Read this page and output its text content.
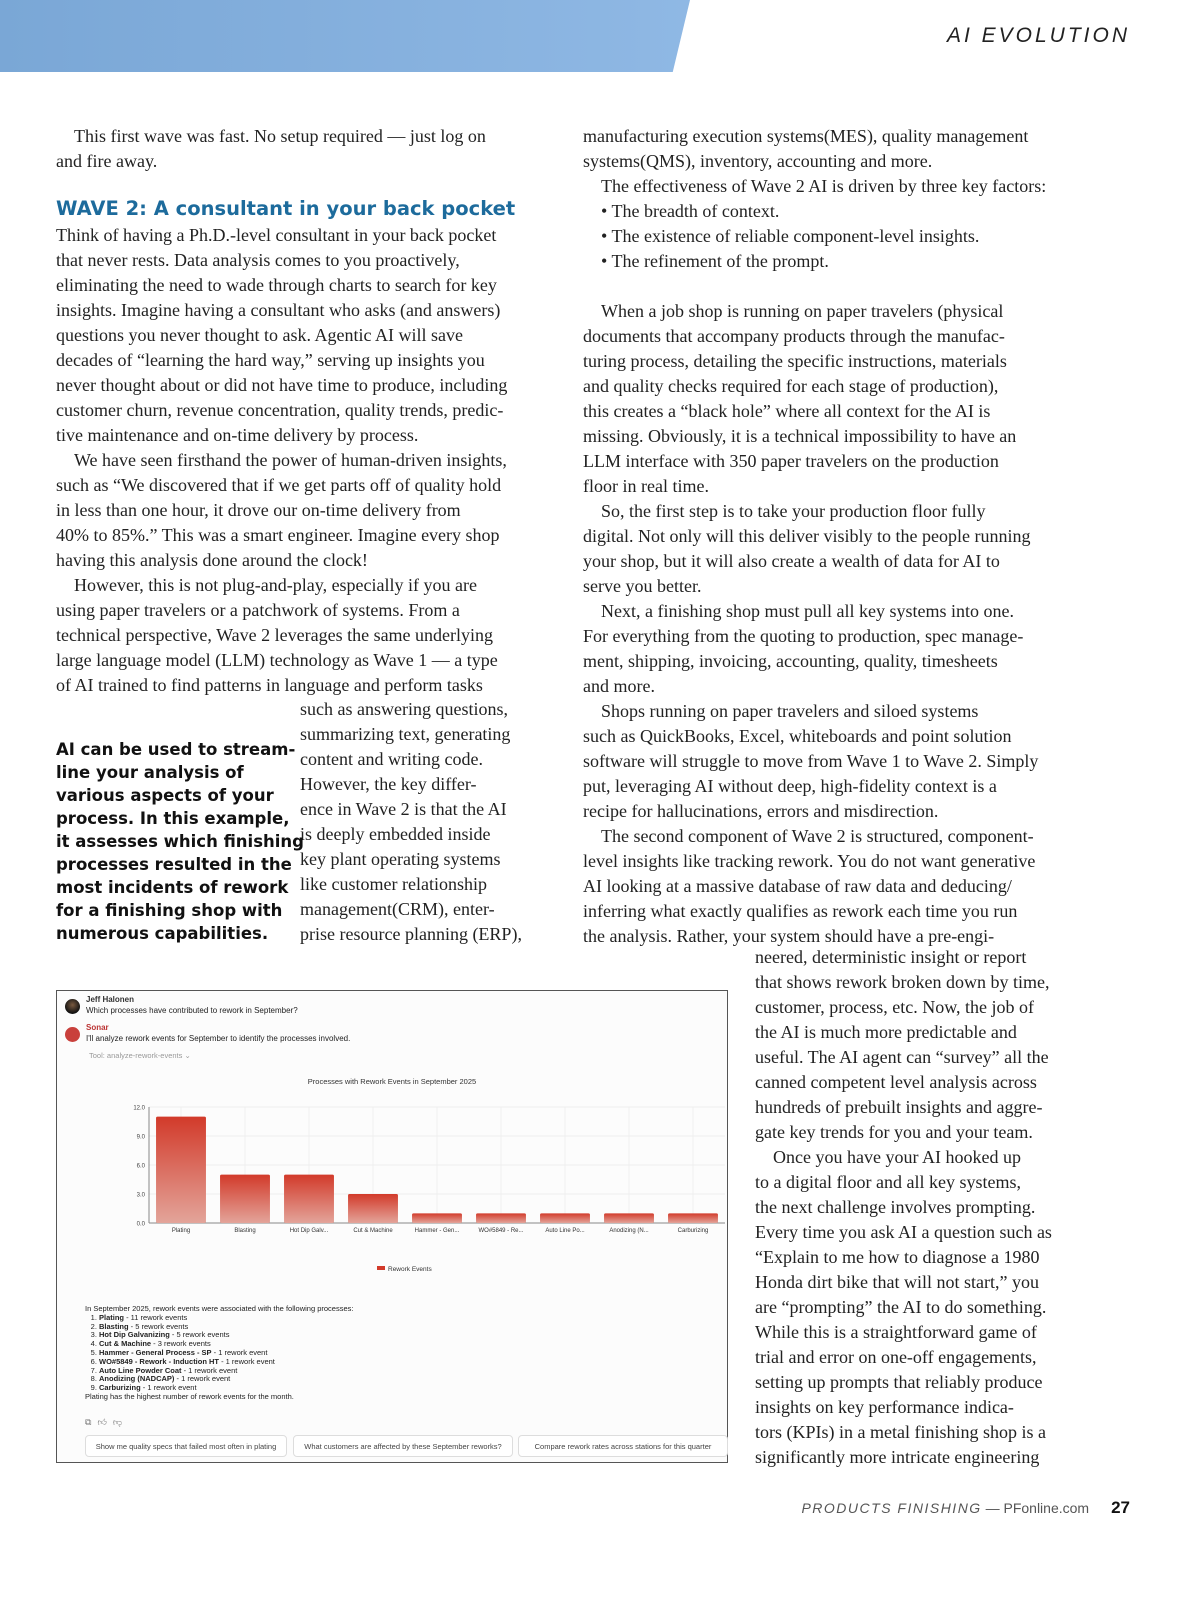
AI EVOLUTION
This first wave was fast. No setup required — just log on
and fire away.
WAVE 2: A consultant in your back pocket
Think of having a Ph.D.-level consultant in your back pocket
that never rests. Data analysis comes to you proactively,
eliminating the need to wade through charts to search for key
insights. Imagine having a consultant who asks (and answers)
questions you never thought to ask. Agentic AI will save
decades of “learning the hard way,” serving up insights you
never thought about or did not have time to produce, including
customer churn, revenue concentration, quality trends, predic-
tive maintenance and on-time delivery by process.
We have seen firsthand the power of human-driven insights,
such as “We discovered that if we get parts off of quality hold
in less than one hour, it drove our on-time delivery from
40% to 85%.” This was a smart engineer. Imagine every shop
having this analysis done around the clock!
However, this is not plug-and-play, especially if you are
using paper travelers or a patchwork of systems. From a
technical perspective, Wave 2 leverages the same underlying
large language model (LLM) technology as Wave 1 — a type
of AI trained to find patterns in language and perform tasks
such as answering questions,
summarizing text, generating
content and writing code.
However, the key differ-
ence in Wave 2 is that the AI
is deeply embedded inside
key plant operating systems
like customer relationship
management(CRM), enter-
prise resource planning (ERP),
AI can be used to stream-
line your analysis of
various aspects of your
process. In this example,
it assesses which finishing
processes resulted in the
most incidents of rework
for a finishing shop with
numerous capabilities.
manufacturing execution systems(MES), quality management
systems(QMS), inventory, accounting and more.
The effectiveness of Wave 2 AI is driven by three key factors:
• The breadth of context.
• The existence of reliable component-level insights.
• The refinement of the prompt.
When a job shop is running on paper travelers (physical
documents that accompany products through the manufac-
turing process, detailing the specific instructions, materials
and quality checks required for each stage of production),
this creates a “black hole” where all context for the AI is
missing. Obviously, it is a technical impossibility to have an
LLM interface with 350 paper travelers on the production
floor in real time.
So, the first step is to take your production floor fully
digital. Not only will this deliver visibly to the people running
your shop, but it will also create a wealth of data for AI to
serve you better.
Next, a finishing shop must pull all key systems into one.
For everything from the quoting to production, spec manage-
ment, shipping, invoicing, accounting, quality, timesheets
and more.
Shops running on paper travelers and siloed systems
such as QuickBooks, Excel, whiteboards and point solution
software will struggle to move from Wave 1 to Wave 2. Simply
put, leveraging AI without deep, high-fidelity context is a
recipe for hallucinations, errors and misdirection.
The second component of Wave 2 is structured, component-
level insights like tracking rework. You do not want generative
AI looking at a massive database of raw data and deducing/
inferring what exactly qualifies as rework each time you run
the analysis. Rather, your system should have a pre-engi-
neered, deterministic insight or report
that shows rework broken down by time,
customer, process, etc. Now, the job of
the AI is much more predictable and
useful. The AI agent can “survey” all the
canned competent level analysis across
hundreds of prebuilt insights and aggre-
gate key trends for you and your team.
Once you have your AI hooked up
to a digital floor and all key systems,
the next challenge involves prompting.
Every time you ask AI a question such as
“Explain to me how to diagnose a 1980
Honda dirt bike that will not start,” you
are “prompting” the AI to do something.
While this is a straightforward game of
trial and error on one-off engagements,
setting up prompts that reliably produce
insights on key performance indica-
tors (KPIs) in a metal finishing shop is a
significantly more intricate engineering
Jeff Halonen
Which processes have contributed to rework in September?
Sonar
I'll analyze rework events for September to identify the processes involved.
Tool: analyze-rework-events ⌄
Processes with Rework Events in September 2025
0.0
3.0
6.0
9.0
12.0
Plating	Blasting	Hot Dip Galv...	Cut & Machine	Hammer - Gen...	WO#5849 - Re...	Auto Line Po...	Anodizing (N...	Carburizing
Rework Events
In September 2025, rework events were associated with the following processes:
1. Plating - 11 rework events
2. Blasting - 5 rework events
3. Hot Dip Galvanizing - 5 rework events
4. Cut & Machine - 3 rework events
5. Hammer - General Process - SP - 1 rework event
6. WO#5849 - Rework - Induction HT - 1 rework event
7. Auto Line Powder Coat - 1 rework event
8. Anodizing (NADCAP) - 1 rework event
9. Carburizing - 1 rework event
Plating has the highest number of rework events for the month.
⧉ 👍︎ 👎︎
Show me quality specs that failed most often in plating	What customers are affected by these September reworks?	Compare rework rates across stations for this quarter
PRODUCTS FINISHING — PFonline.com 27
